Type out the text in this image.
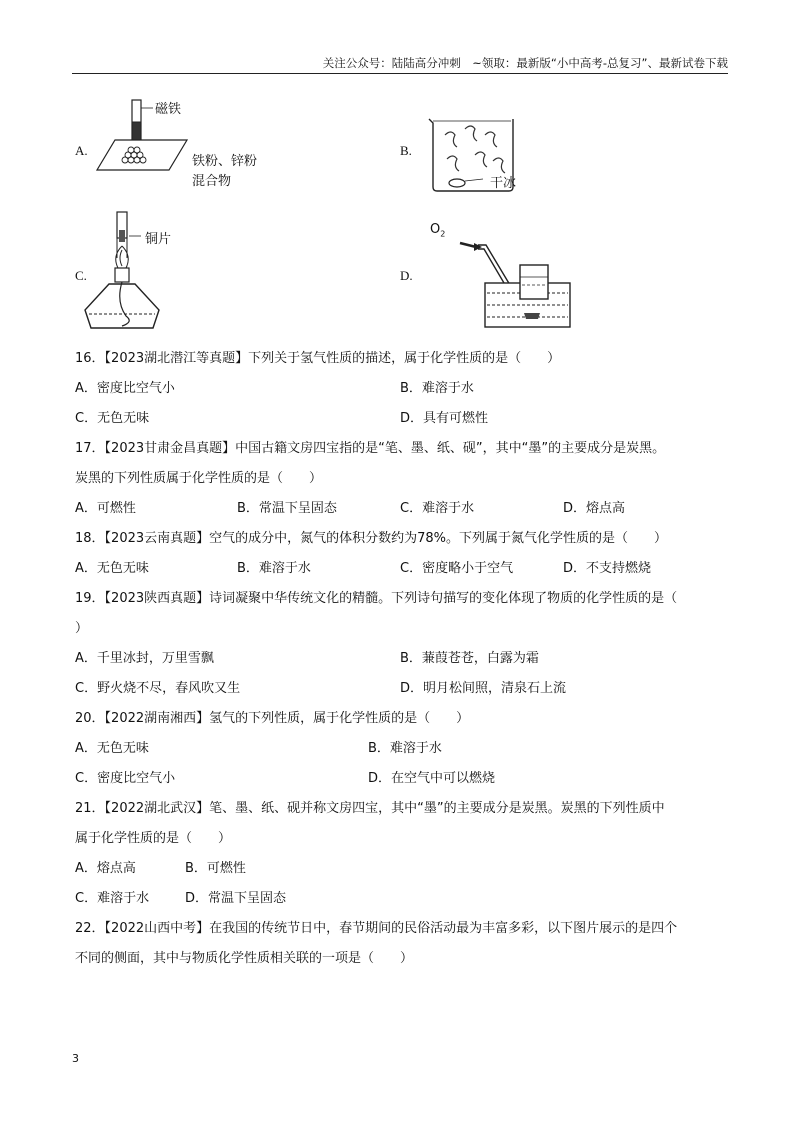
关注公众号：陆陆高分冲刺　~领取：最新版“小中高考-总复习”、最新试卷下载
A.
磁铁
铁粉、锌粉
混合物
B.
干冰
C.
铜片
D.
$O_2$
16．【2023湖北潜江等真题】下列关于氢气性质的描述，属于化学性质的是（　　）
A．密度比空气小	B．难溶于水
C．无色无味	D．具有可燃性
17．【2023甘肃金昌真题】中国古籍文房四宝指的是“笔、墨、纸、砚”，其中“墨”的主要成分是炭黑。
炭黑的下列性质属于化学性质的是（　　）
A．可燃性	B．常温下呈固态	C．难溶于水	D．熔点高
18．【2023云南真题】空气的成分中，氮气的体积分数约为78%。下列属于氮气化学性质的是（　　）
A．无色无味	B．难溶于水	C．密度略小于空气	D．不支持燃烧
19．【2023陕西真题】诗词凝聚中华传统文化的精髓。下列诗句描写的变化体现了物质的化学性质的是（
）
A．千里冰封，万里雪飘	B．蒹葭苍苍，白露为霜
C．野火烧不尽，春风吹又生	D．明月松间照，清泉石上流
20．【2022湖南湘西】氢气的下列性质，属于化学性质的是（　　）
A．无色无味	B．难溶于水
C．密度比空气小	D．在空气中可以燃烧
21．【2022湖北武汉】笔、墨、纸、砚并称文房四宝，其中“墨”的主要成分是炭黑。炭黑的下列性质中
属于化学性质的是（　　）
A．熔点高	B．可燃性
C．难溶于水	D．常温下呈固态
22．【2022山西中考】在我国的传统节日中，春节期间的民俗活动最为丰富多彩，以下图片展示的是四个
不同的侧面，其中与物质化学性质相关联的一项是（　　）
3
